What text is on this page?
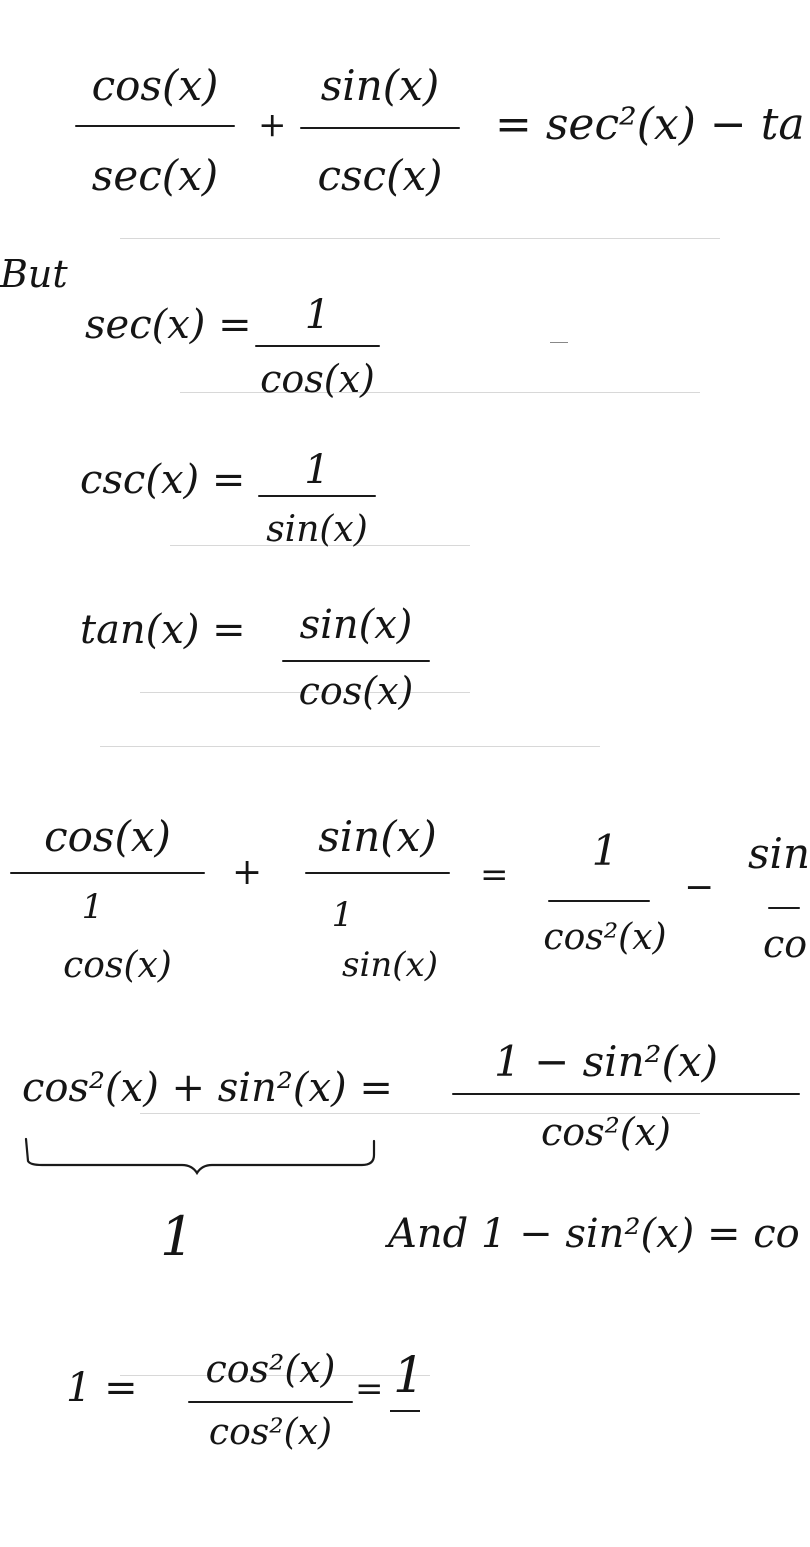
cos(x)
sec(x)
+
sin(x)
csc(x)
= sec²(x) − ta
But
sec(x) =	1
cos(x)
csc(x) =	1
sin(x)
tan(x) =	sin(x)
cos(x)
cos(x)
1
cos(x)
+
sin(x)
1
sin(x)
=	1
cos²(x)
−
sin
co
cos²(x) + sin²(x) =
1 − sin²(x)
cos²(x)
1	And 1 − sin²(x) = co
1 =	cos²(x)
cos²(x)
= 1
